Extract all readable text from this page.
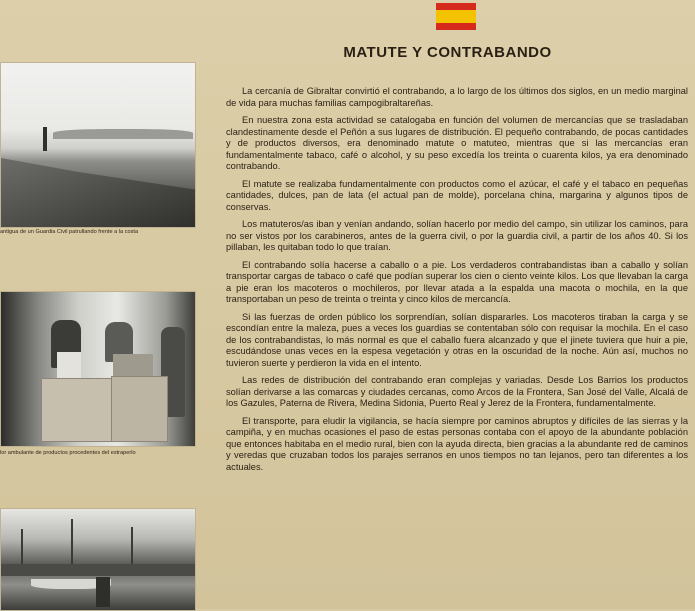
MATUTE Y CONTRABANDO
antigua de un Guardia Civil patrullando frente a la costa
lor ambulante de productos procedentes del estraperlo

La cercanía de Gibraltar convirtió el contrabando, a lo largo de los últimos dos siglos, en un medio marginal de vida para muchas familias campogibraltareñas.

En nuestra zona esta actividad se catalogaba en función del volumen de mercancías que se trasladaban clandestinamente desde el Peñón a sus lugares de distribución. El pequeño contrabando, de pocas cantidades y de productos diversos, era denominado matute o matuteo, mientras que si las mercancías eran fundamentalmente tabaco, café o alcohol, y su peso excedía los treinta o cuarenta kilos, ya era denominado contrabando.

El matute se realizaba fundamentalmente con productos como el azúcar, el café y el tabaco en pequeñas cantidades, dulces, pan de lata (el actual pan de molde), porcelana china, margarina y algunos tipos de conservas.

Los matuteros/as iban y venían andando, solían hacerlo por medio del campo, sin utilizar los caminos, para no ser vistos por los carabineros, antes de la guerra civil, o por la guardia civil, a partir de los años 40. Si los pillaban, les quitaban todo lo que traían.

El contrabando solía hacerse a caballo o a pie. Los verdaderos contrabandistas iban a caballo y solían transportar cargas de tabaco o café que podían superar los cien o ciento veinte kilos. Los que llevaban la carga a pie eran los macoteros o mochileros, por llevar atada a la espalda una macota o mochila, en la que transportaban un peso de treinta o treinta y cinco kilos de mercancía.

Si las fuerzas de orden público los sorprendían, solían dispararles. Los macoteros tiraban la carga y se escondían entre la maleza, pues a veces los guardias se contentaban sólo con requisar la mochila. En el caso de los contrabandistas, lo más normal es que el caballo fuera alcanzado y que el jinete tuviera que huir a pie, escudándose unas veces en la espesa vegetación y otras en la oscuridad de la noche. Aún así, muchos no tuvieron suerte y perdieron la vida en el intento.

Las redes de distribución del contrabando eran complejas y variadas. Desde Los Barrios los productos solían derivarse a las comarcas y ciudades cercanas, como Arcos de la Frontera, San José del Valle, Alcalá de los Gazules, Paterna de Rivera, Medina Sidonia, Puerto Real y Jerez de la Frontera, fundamentalmente.

El transporte, para eludir la vigilancia, se hacía siempre por caminos abruptos y difíciles de las sierras y la campiña, y en muchas ocasiones el paso de estas personas contaba con el apoyo de la abundante población que entonces habitaba en el medio rural, bien con la ayuda directa, bien gracias a la abundante red de caminos y veredas que cruzaban todos los parajes serranos en unos tiempos no tan lejanos, pero tan diferentes a los actuales.
